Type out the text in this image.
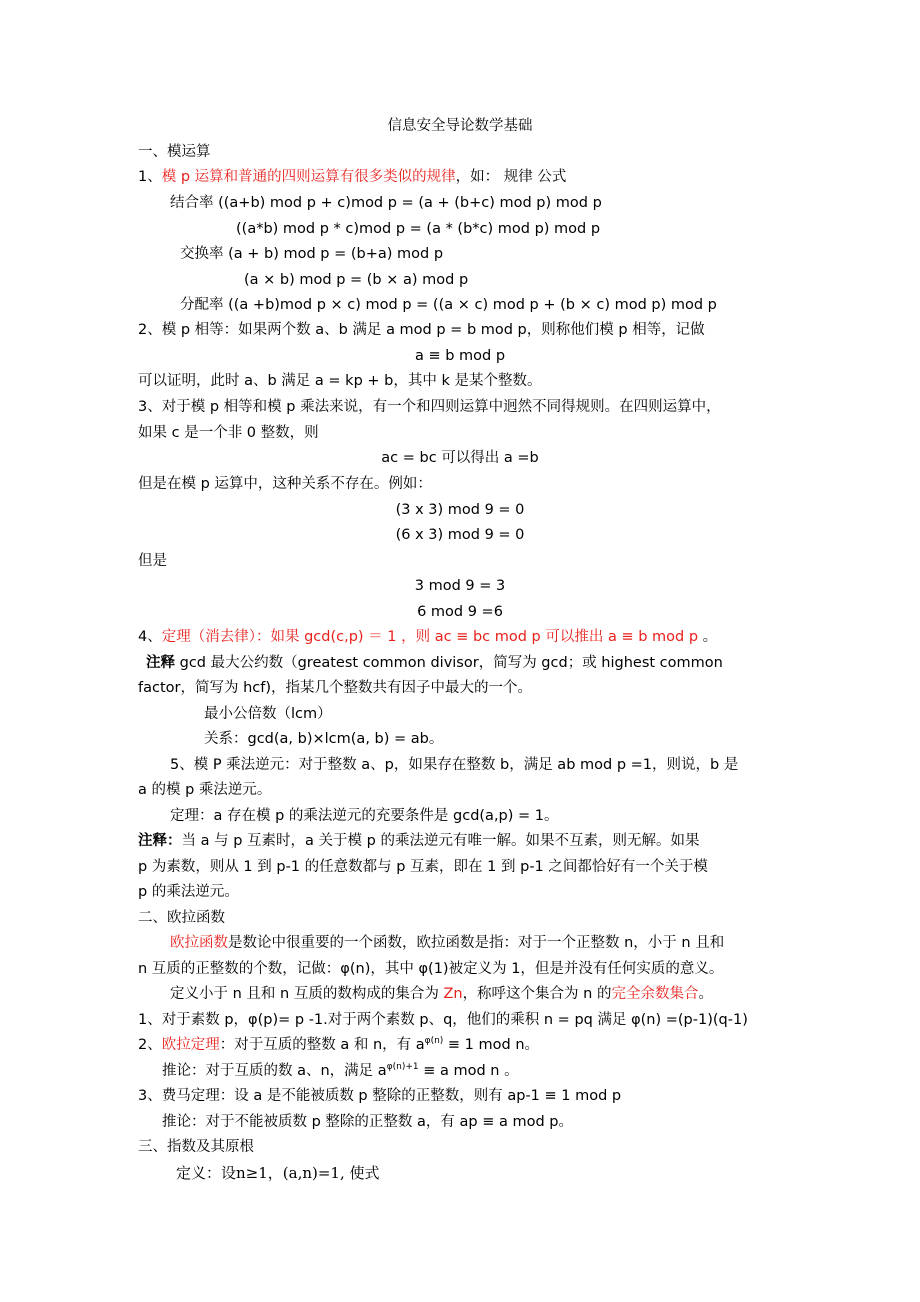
信息安全导论数学基础
一、模运算
1、模 p 运算和普通的四则运算有很多类似的规律，如： 规律 公式
结合率 ((a+b) mod p + c)mod p = (a + (b+c) mod p) mod p
((a*b) mod p * c)mod p = (a * (b*c) mod p) mod p
交换率 (a + b) mod p = (b+a) mod p
(a × b) mod p = (b × a) mod p
分配率 ((a +b)mod p × c) mod p = ((a × c) mod p + (b × c) mod p) mod p
2、模 p 相等：如果两个数 a、b 满足 a mod p = b mod p，则称他们模 p 相等，记做
a ≡ b mod p
可以证明，此时 a、b 满足 a = kp + b，其中 k 是某个整数。
3、对于模 p 相等和模 p 乘法来说，有一个和四则运算中迥然不同得规则。在四则运算中，
如果 c 是一个非 0 整数，则
ac = bc 可以得出 a =b
但是在模 p 运算中，这种关系不存在。例如：
(3 x 3) mod 9 = 0
(6 x 3) mod 9 = 0
但是
3 mod 9 = 3
6 mod 9 =6
4、定理（消去律）：如果 gcd(c,p) ＝ 1 ，则 ac ≡ bc mod p 可以推出 a ≡ b mod p 。
注释 gcd 最大公约数（greatest common divisor，简写为 gcd；或 highest common
factor，简写为 hcf)，指某几个整数共有因子中最大的一个。
最小公倍数（lcm）
关系：gcd(a, b)×lcm(a, b) = ab。
5、模 P 乘法逆元：对于整数 a、p，如果存在整数 b，满足 ab mod p =1，则说，b 是
a 的模 p 乘法逆元。
定理：a 存在模 p 的乘法逆元的充要条件是 gcd(a,p) = 1。
注释：当 a 与 p 互素时，a 关于模 p 的乘法逆元有唯一解。如果不互素，则无解。如果
p 为素数，则从 1 到 p-1 的任意数都与 p 互素，即在 1 到 p-1 之间都恰好有一个关于模
p 的乘法逆元。
二、欧拉函数
欧拉函数是数论中很重要的一个函数，欧拉函数是指：对于一个正整数 n，小于 n 且和
n 互质的正整数的个数，记做：φ(n)，其中 φ(1)被定义为 1，但是并没有任何实质的意义。
定义小于 n 且和 n 互质的数构成的集合为 Zn，称呼这个集合为 n 的完全余数集合。
1、对于素数 p，φ(p)= p -1.对于两个素数 p、q，他们的乘积 n = pq 满足 φ(n) =(p-1)(q-1)
2、欧拉定理：对于互质的整数 a 和 n，有 $a^{\varphi(n)} \equiv 1$ mod n。
推论：对于互质的数 a、n，满足 $a^{\varphi(n)+1} \equiv a$ mod n 。
3、费马定理：设 a 是不能被质数 p 整除的正整数，则有 ap-1 ≡ 1 mod p
推论：对于不能被质数 p 整除的正整数 a，有 ap ≡ a mod p。
三、指数及其原根
定义：设n≥1，(a,n)=1, 使式
